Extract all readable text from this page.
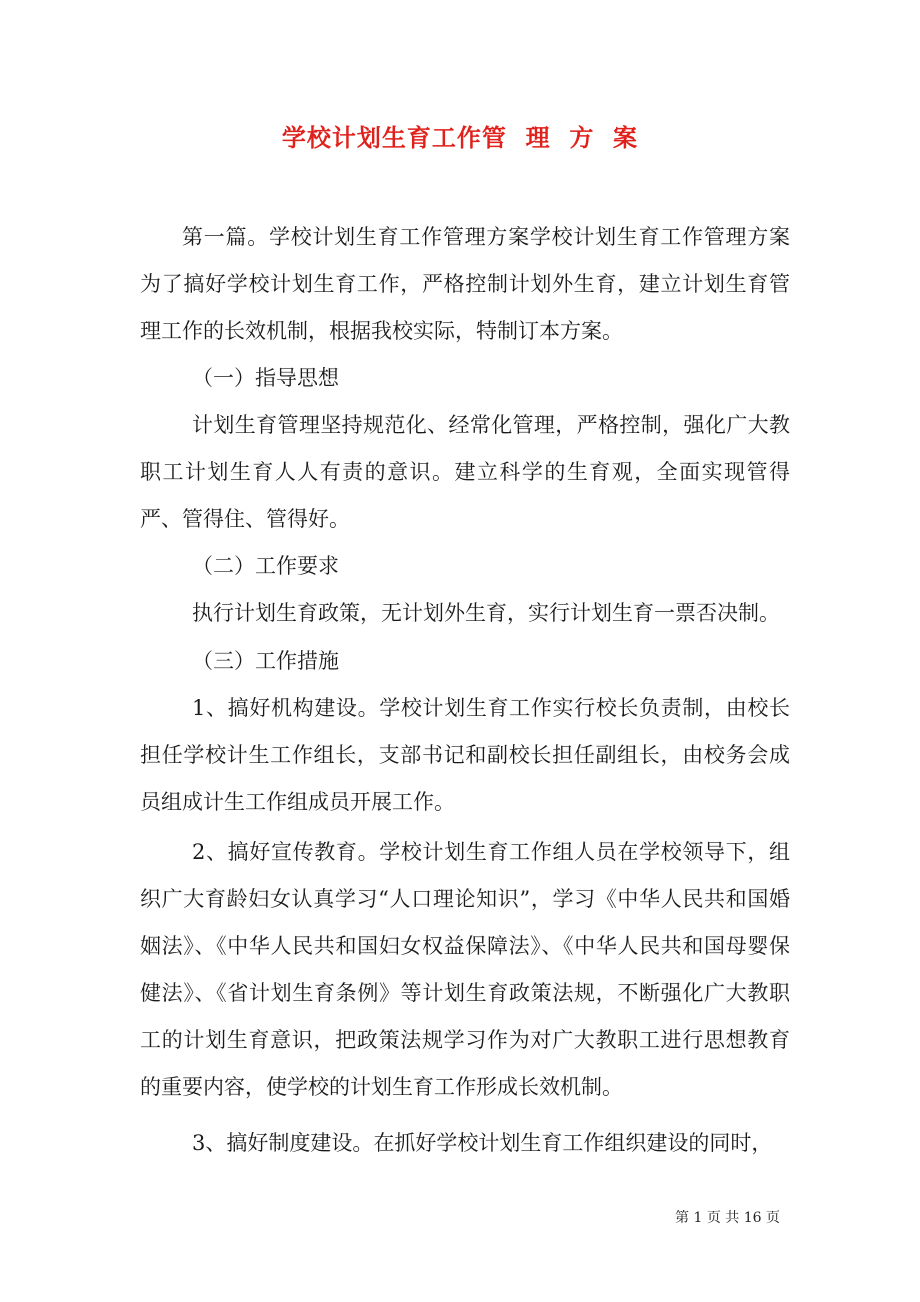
学校计划生育工作管  理  方  案

第一篇。学校计划生育工作管理方案学校计划生育工作管理方案为了搞好学校计划生育工作，严格控制计划外生育，建立计划生育管理工作的长效机制，根据我校实际，特制订本方案。

（一）指导思想

计划生育管理坚持规范化、经常化管理，严格控制，强化广大教职工计划生育人人有责的意识。建立科学的生育观，全面实现管得严、管得住、管得好。

（二）工作要求

执行计划生育政策，无计划外生育，实行计划生育一票否决制。

（三）工作措施

1、搞好机构建设。学校计划生育工作实行校长负责制，由校长担任学校计生工作组长，支部书记和副校长担任副组长，由校务会成员组成计生工作组成员开展工作。

2、搞好宣传教育。学校计划生育工作组人员在学校领导下，组织广大育龄妇女认真学习“人口理论知识”，学习《中华人民共和国婚姻法》、《中华人民共和国妇女权益保障法》、《中华人民共和国母婴保健法》、《省计划生育条例》等计划生育政策法规，不断强化广大教职工的计划生育意识，把政策法规学习作为对广大教职工进行思想教育的重要内容，使学校的计划生育工作形成长效机制。

3、搞好制度建设。在抓好学校计划生育工作组织建设的同时，

第 1 页 共 16 页
